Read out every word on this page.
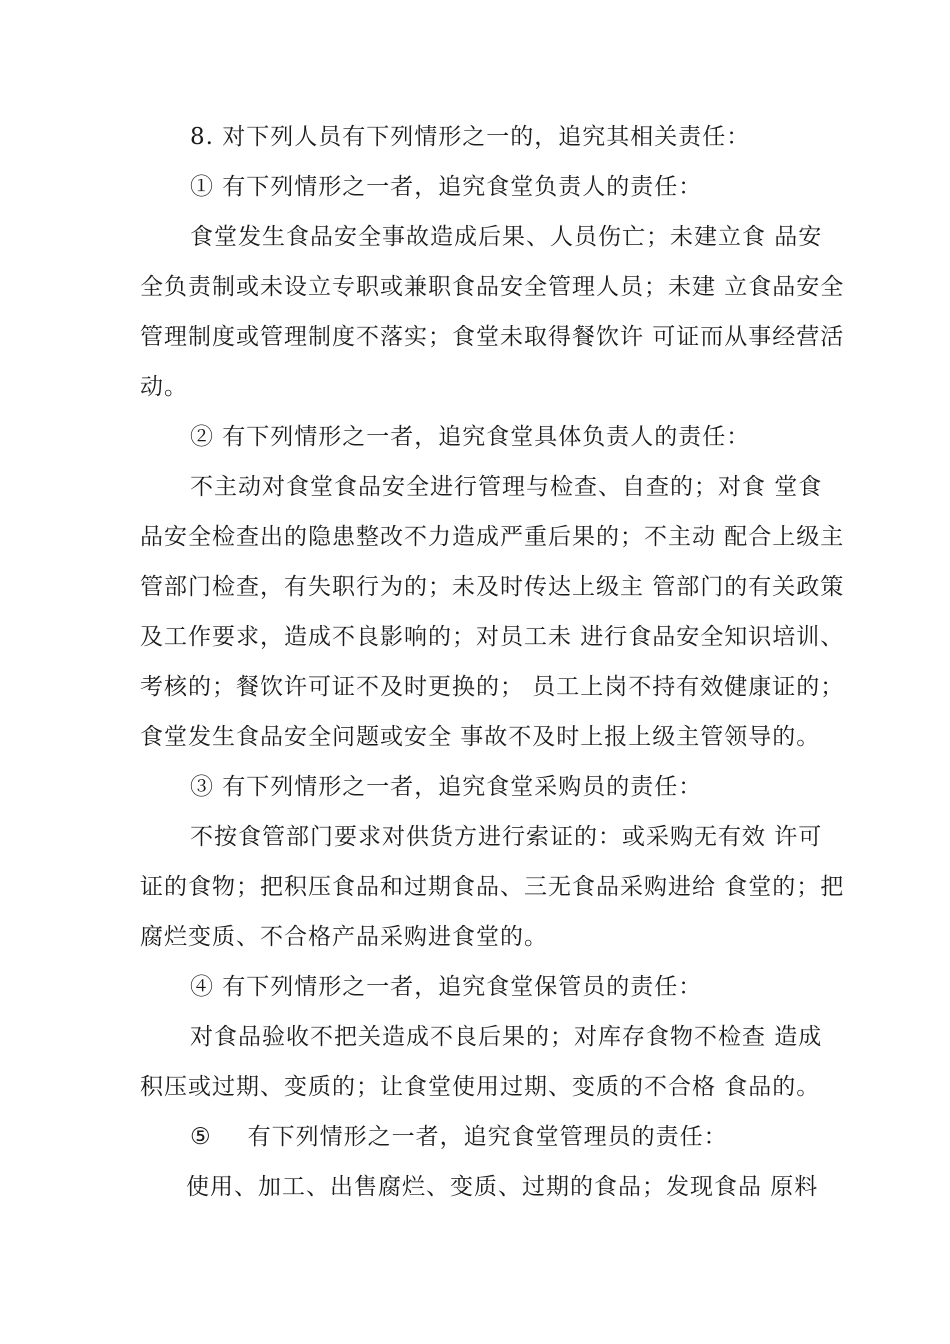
8. 对下列人员有下列情形之一的，追究其相关责任：
① 有下列情形之一者，追究食堂负责人的责任：
食堂发生食品安全事故造成后果、人员伤亡；未建立食 品安
全负责制或未设立专职或兼职食品安全管理人员；未建 立食品安全
管理制度或管理制度不落实；食堂未取得餐饮许 可证而从事经营活
动。
② 有下列情形之一者，追究食堂具体负责人的责任：
不主动对食堂食品安全进行管理与检查、自查的；对食 堂食
品安全检查出的隐患整改不力造成严重后果的；不主动 配合上级主
管部门检查，有失职行为的；未及时传达上级主 管部门的有关政策
及工作要求，造成不良影响的；对员工未 进行食品安全知识培训、
考核的；餐饮许可证不及时更换的； 员工上岗不持有效健康证的；
食堂发生食品安全问题或安全 事故不及时上报上级主管领导的。
③ 有下列情形之一者，追究食堂采购员的责任：
不按食管部门要求对供货方进行索证的：或采购无有效 许可
证的食物；把积压食品和过期食品、三无食品采购进给 食堂的；把
腐烂变质、不合格产品采购进食堂的。
④ 有下列情形之一者，追究食堂保管员的责任：
对食品验收不把关造成不良后果的；对库存食物不检查 造成
积压或过期、变质的；让食堂使用过期、变质的不合格 食品的。
⑤ 有下列情形之一者，追究食堂管理员的责任：
使用、加工、出售腐烂、变质、过期的食品；发现食品 原料
